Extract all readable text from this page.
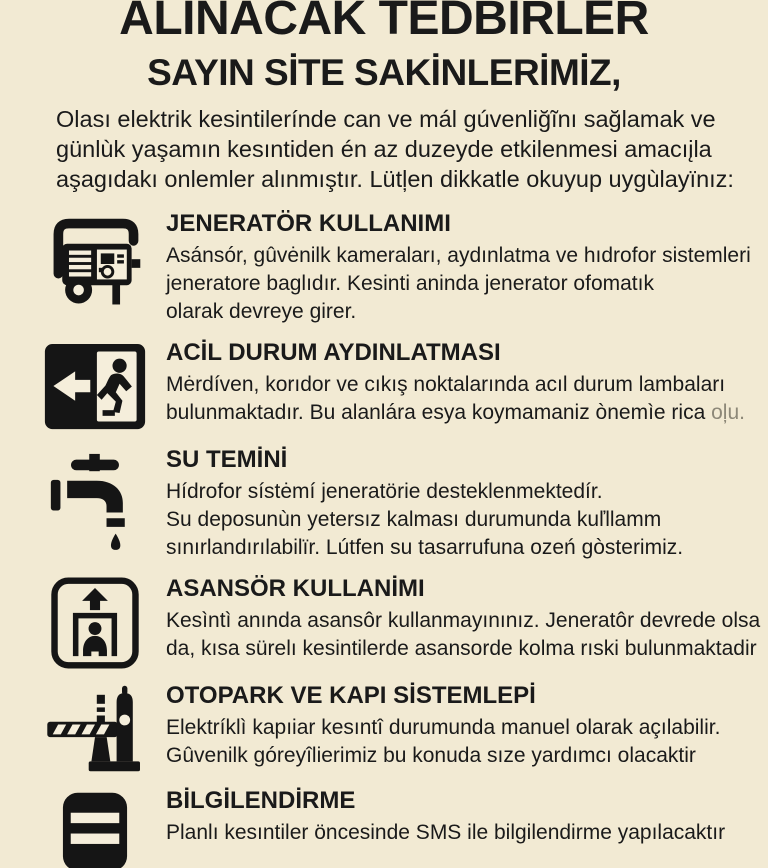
ALINACAK TEDBIRLER
SAYIN SİTE SAKİNLERİMİZ,
Olası elektrik kesintilerínde can ve mál gúvenliğĩnı sağlamak ve
günlùk yaşamın kesıntiden én az duzeyde etkilenmesi amacıįla
aşagıdakı onlemler alınmıştır. Lütļen dikkatle okuyup uygùlayïnız:
JENERATÖR KULLANIMI

Asánsór, gûvėnilk kameraları, aydınlatma ve hıdrofor sistemleri

jeneratore baglıdır. Kesinti aninda jenerator ofomatık

olarak devreye girer.

ACİL DURUM AYDINLATMASI

Mėrdíven, korıdor ve cıkış noktalarında acıl durum lambaları

bulunmaktadır. Bu alanlára esya koymamaniz ònemìe rica oļu.

SU TEMİNİ

Hídrofor sístėmí jeneratörie desteklenmektedír.

Su deposunùn yetersız kalması durumunda kuľllamm

sınırlandırılabilïr. Lútfen su tasarrufuna ozeń gòsterimiz.

ASANSÖR KULLANİMI

Kesìntì anında asansôr kullanmayınınız. Jeneratôr devrede olsa

da, kısa sürelı kesintilerde asansorde kolma rıski bulunmaktadir

OTOPARK VE KAPI SİSTEMLEPİ

Elektríklì kapıiar kesıntî durumunda manuel olarak açılabilir.

Gûvenilk góreyîlierimiz bu konuda sıze yardımcı olacaktir

BİLGİLENDİRME

Planlı kesıntiler öncesinde SMS ile bilgilendirme yapılacaktır
